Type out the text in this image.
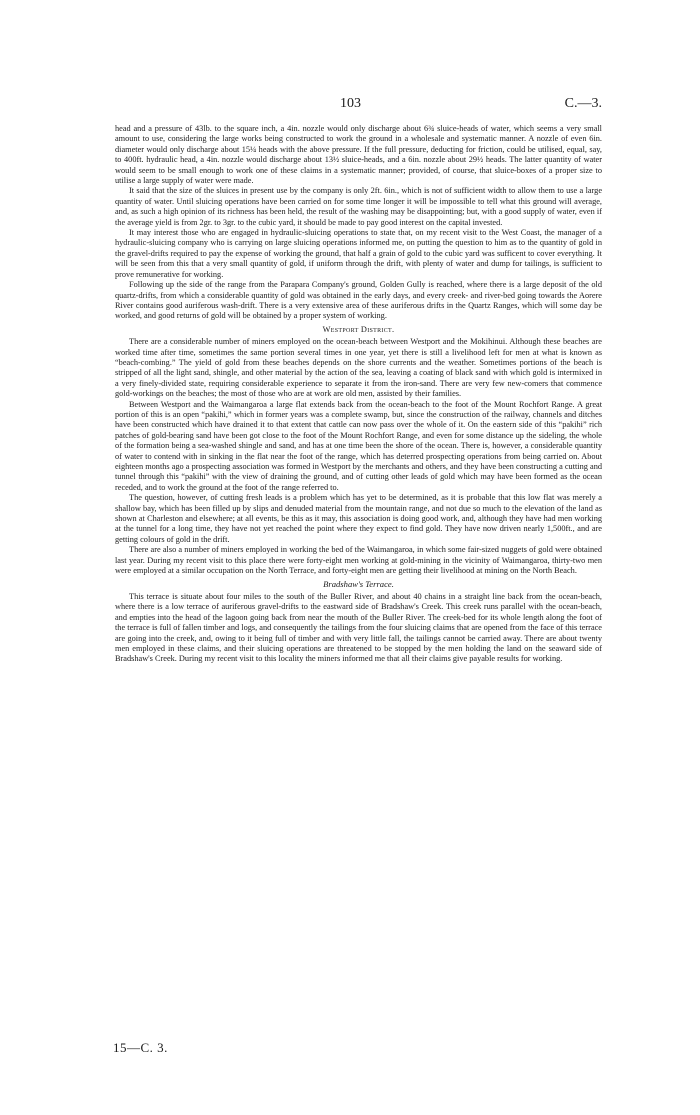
103	C.—3.

head and a pressure of 43lb. to the square inch, a 4in. nozzle would only discharge about 6¾ sluice-heads of water, which seems a very small amount to use, considering the large works being constructed to work the ground in a wholesale and systematic manner. A nozzle of even 6in. diameter would only discharge about 15¼ heads with the above pressure. If the full pressure, deducting for friction, could be utilised, equal, say, to 400ft. hydraulic head, a 4in. nozzle would discharge about 13½ sluice-heads, and a 6in. nozzle about 29½ heads. The latter quantity of water would seem to be small enough to work one of these claims in a systematic manner; provided, of course, that sluice-boxes of a proper size to utilise a large supply of water were made.

It said that the size of the sluices in present use by the company is only 2ft. 6in., which is not of sufficient width to allow them to use a large quantity of water. Until sluicing operations have been carried on for some time longer it will be impossible to tell what this ground will average, and, as such a high opinion of its richness has been held, the result of the washing may be disappointing; but, with a good supply of water, even if the average yield is from 2gr. to 3gr. to the cubic yard, it should be made to pay good interest on the capital invested.

It may interest those who are engaged in hydraulic-sluicing operations to state that, on my recent visit to the West Coast, the manager of a hydraulic-sluicing company who is carrying on large sluicing operations informed me, on putting the question to him as to the quantity of gold in the gravel-drifts required to pay the expense of working the ground, that half a grain of gold to the cubic yard was sufficent to cover everything. It will be seen from this that a very small quantity of gold, if uniform through the drift, with plenty of water and dump for tailings, is sufficient to prove remunerative for working.

Following up the side of the range from the Parapara Company's ground, Golden Gully is reached, where there is a large deposit of the old quartz-drifts, from which a considerable quantity of gold was obtained in the early days, and every creek- and river-bed going towards the Aorere River contains good auriferous wash-drift. There is a very extensive area of these auriferous drifts in the Quartz Ranges, which will some day be worked, and good returns of gold will be obtained by a proper system of working.

Westport District.

There are a considerable number of miners employed on the ocean-beach between Westport and the Mokihinui. Although these beaches are worked time after time, sometimes the same portion several times in one year, yet there is still a livelihood left for men at what is known as “beach-combing.” The yield of gold from these beaches depends on the shore currents and the weather. Sometimes portions of the beach is stripped of all the light sand, shingle, and other material by the action of the sea, leaving a coating of black sand with which gold is intermixed in a very finely-divided state, requiring considerable experience to separate it from the iron-sand. There are very few new-comers that commence gold-workings on the beaches; the most of those who are at work are old men, assisted by their families.

Between Westport and the Waimangaroa a large flat extends back from the ocean-beach to the foot of the Mount Rochfort Range. A great portion of this is an open “pakihi,” which in former years was a complete swamp, but, since the construction of the railway, channels and ditches have been constructed which have drained it to that extent that cattle can now pass over the whole of it. On the eastern side of this “pakihi” rich patches of gold-bearing sand have been got close to the foot of the Mount Rochfort Range, and even for some distance up the sideling, the whole of the formation being a sea-washed shingle and sand, and has at one time been the shore of the ocean. There is, however, a considerable quantity of water to contend with in sinking in the flat near the foot of the range, which has deterred prospecting operations from being carried on. About eighteen months ago a prospecting association was formed in Westport by the merchants and others, and they have been constructing a cutting and tunnel through this “pakihi” with the view of draining the ground, and of cutting other leads of gold which may have been formed as the ocean receded, and to work the ground at the foot of the range referred to.

The question, however, of cutting fresh leads is a problem which has yet to be determined, as it is probable that this low flat was merely a shallow bay, which has been filled up by slips and denuded material from the mountain range, and not due so much to the elevation of the land as shown at Charleston and elsewhere; at all events, be this as it may, this association is doing good work, and, although they have had men working at the tunnel for a long time, they have not yet reached the point where they expect to find gold. They have now driven nearly 1,500ft., and are getting colours of gold in the drift.

There are also a number of miners employed in working the bed of the Waimangaroa, in which some fair-sized nuggets of gold were obtained last year. During my recent visit to this place there were forty-eight men working at gold-mining in the vicinity of Waimangaroa, thirty-two men were employed at a similar occupation on the North Terrace, and forty-eight men are getting their livelihood at mining on the North Beach.

Bradshaw's Terrace.

This terrace is situate about four miles to the south of the Buller River, and about 40 chains in a straight line back from the ocean-beach, where there is a low terrace of auriferous gravel-drifts to the eastward side of Bradshaw's Creek. This creek runs parallel with the ocean-beach, and empties into the head of the lagoon going back from near the mouth of the Buller River. The creek-bed for its whole length along the foot of the terrace is full of fallen timber and logs, and consequently the tailings from the four sluicing claims that are opened from the face of this terrace are going into the creek, and, owing to it being full of timber and with very little fall, the tailings cannot be carried away. There are about twenty men employed in these claims, and their sluicing operations are threatened to be stopped by the men holding the land on the seaward side of Bradshaw's Creek. During my recent visit to this locality the miners informed me that all their claims give payable results for working.

15—C. 3.
